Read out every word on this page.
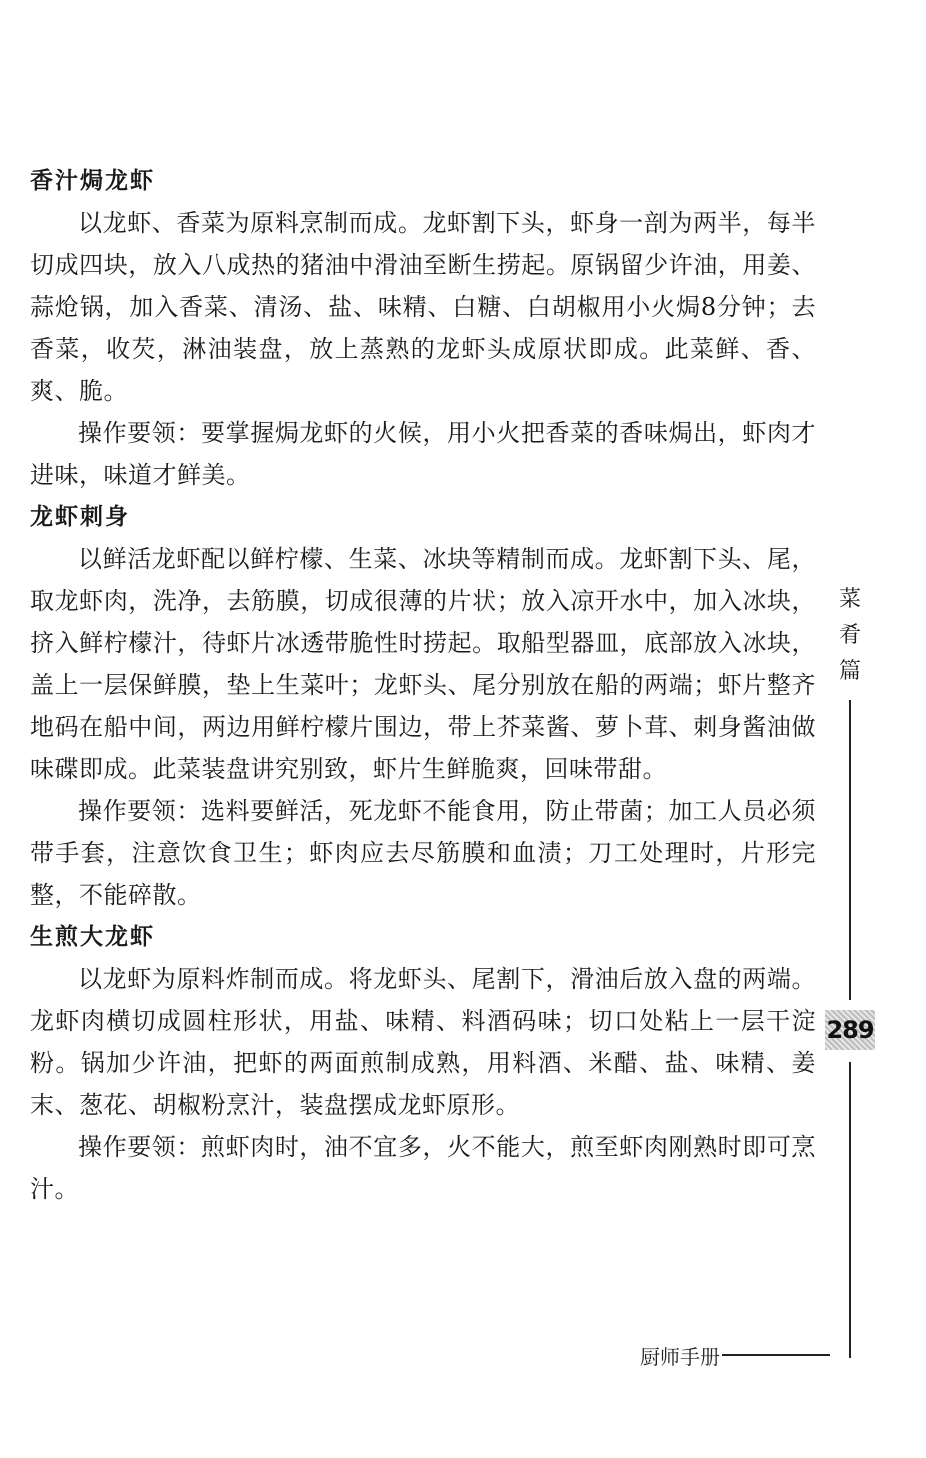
香汁焗龙虾

以龙虾、香菜为原料烹制而成。龙虾割下头，虾身一剖为两半，每半切成四块，放入八成热的猪油中滑油至断生捞起。原锅留少许油，用姜、蒜炝锅，加入香菜、清汤、盐、味精、白糖、白胡椒用小火焗8分钟；去香菜，收芡，淋油装盘，放上蒸熟的龙虾头成原状即成。此菜鲜、香、爽、脆。

操作要领：要掌握焗龙虾的火候，用小火把香菜的香味焗出，虾肉才进味，味道才鲜美。

龙虾刺身

以鲜活龙虾配以鲜柠檬、生菜、冰块等精制而成。龙虾割下头、尾，取龙虾肉，洗净，去筋膜，切成很薄的片状；放入凉开水中，加入冰块，挤入鲜柠檬汁，待虾片冰透带脆性时捞起。取船型器皿，底部放入冰块，盖上一层保鲜膜，垫上生菜叶；龙虾头、尾分别放在船的两端；虾片整齐地码在船中间，两边用鲜柠檬片围边，带上芥菜酱、萝卜茸、刺身酱油做味碟即成。此菜装盘讲究别致，虾片生鲜脆爽，回味带甜。

操作要领：选料要鲜活，死龙虾不能食用，防止带菌；加工人员必须带手套，注意饮食卫生；虾肉应去尽筋膜和血渍；刀工处理时，片形完整，不能碎散。

生煎大龙虾

以龙虾为原料炸制而成。将龙虾头、尾割下，滑油后放入盘的两端。龙虾肉横切成圆柱形状，用盐、味精、料酒码味；切口处粘上一层干淀粉。锅加少许油，把虾的两面煎制成熟，用料酒、米醋、盐、味精、姜末、葱花、胡椒粉烹汁，装盘摆成龙虾原形。

操作要领：煎虾肉时，油不宜多，火不能大，煎至虾肉刚熟时即可烹汁。

菜
肴
篇
289
厨师手册
